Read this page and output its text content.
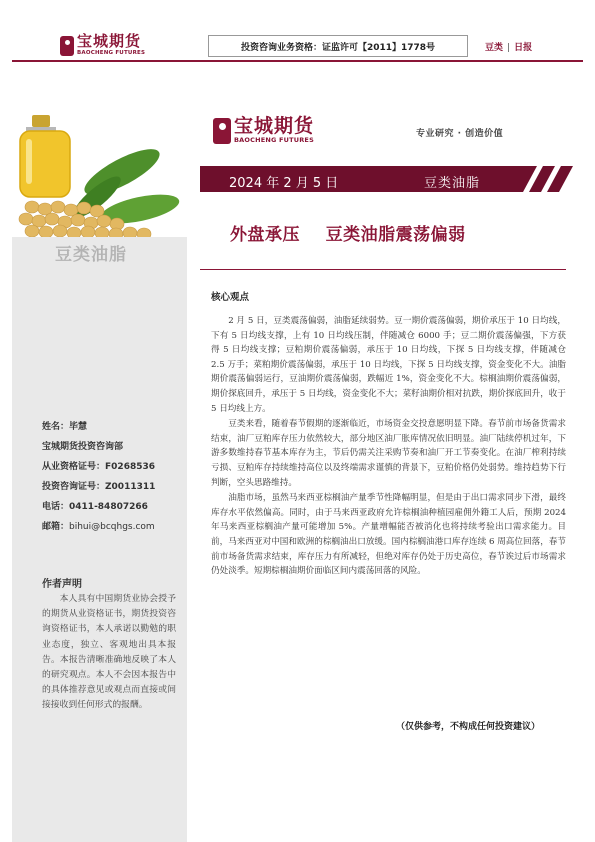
宝城期货
BAOCHENG FUTURES
投资咨询业务资格：证监许可【2011】1778号	豆类 | 日报
豆类油脂
姓名：毕慧
宝城期货投资咨询部
从业资格证号：F0268536
投资咨询证号：Z0011311
电话：0411-84807266
邮箱：bihui@bcqhgs.com
作者声明
本人具有中国期货业协会授予的期货从业资格证书，期货投资咨询资格证书，本人承诺以勤勉的职业态度，独立、客观地出具本报告。本报告清晰准确地反映了本人的研究观点。本人不会因本报告中的具体推荐意见或观点而直接或间接接收到任何形式的报酬。
宝城期货
BAOCHENG FUTURES
专业研究 · 创造价值
2024 年 2 月 5 日	豆类油脂
外盘承压    豆类油脂震荡偏弱
核心观点

2 月 5 日，豆类震荡偏弱，油脂延续弱势。豆一期价震荡偏弱，期价承压于 10 日均线，下有 5 日均线支撑，上有 10 日均线压制，伴随减仓 6000 手；豆二期价震荡偏强，下方获得 5 日均线支撑；豆粕期价震荡偏弱，承压于 10 日均线，下探 5 日均线支撑，伴随减仓 2.5 万手；菜粕期价震荡偏弱，承压于 10 日均线，下探 5 日均线支撑，资金变化不大。油脂期价震荡偏弱运行，豆油期价震荡偏弱，跌幅近 1%，资金变化不大。棕榈油期价震荡偏弱，期价探底回升，承压于 5 日均线，资金变化不大；菜籽油期价相对抗跌，期价探底回升，收于 5 日均线上方。

豆类来看，随着春节假期的逐渐临近，市场资金交投意愿明显下降。春节前市场备货需求结束，油厂豆粕库存压力依然较大，部分地区油厂胀库情况依旧明显。油厂陆续停机过年，下游多数维持春节基本库存为主，节后仍需关注采购节奏和油厂开工节奏变化。在油厂榨利持续亏损、豆粕库存持续维持高位以及终端需求谨慎的背景下，豆粕价格仍处弱势。维持趋势下行判断，空头思路维持。

油脂市场，虽然马来西亚棕榈油产量季节性降幅明显，但是由于出口需求同步下滑，最终库存水平依然偏高。同时，由于马来西亚政府允许棕榈油种植园雇佣外籍工人后，预期 2024 年马来西亚棕榈油产量可能增加 5%。产量增幅能否被消化也将持续考验出口需求能力。目前，马来西亚对中国和欧洲的棕榈油出口放缓。国内棕榈油港口库存连续 6 周高位回落，春节前市场备货需求结束，库存压力有所减轻，但绝对库存仍处于历史高位，春节诶过后市场需求仍处淡季。短期棕榈油期价面临区间内震荡回落的风险。

（仅供参考，不构成任何投资建议）
